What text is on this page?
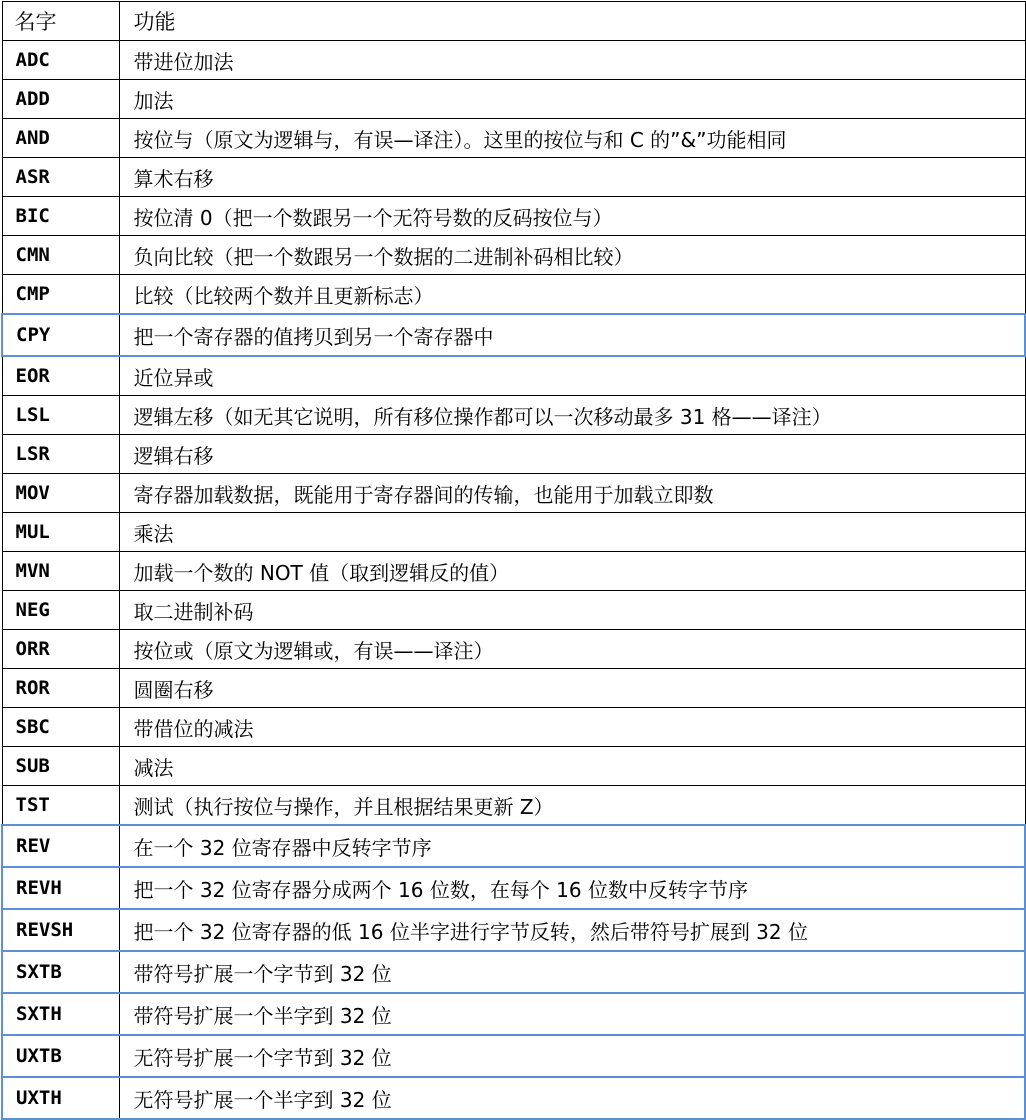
名字	功能
ADC	带进位加法
ADD	加法
AND	按位与（原文为逻辑与，有误—译注）。这里的按位与和 C 的”&”功能相同
ASR	算术右移
BIC	按位清 0（把一个数跟另一个无符号数的反码按位与）
CMN	负向比较（把一个数跟另一个数据的二进制补码相比较）
CMP	比较（比较两个数并且更新标志）
CPY	把一个寄存器的值拷贝到另一个寄存器中
EOR	近位异或
LSL	逻辑左移（如无其它说明，所有移位操作都可以一次移动最多 31 格——译注）
LSR	逻辑右移
MOV	寄存器加载数据，既能用于寄存器间的传输，也能用于加载立即数
MUL	乘法
MVN	加载一个数的 NOT 值（取到逻辑反的值）
NEG	取二进制补码
ORR	按位或（原文为逻辑或，有误——译注）
ROR	圆圈右移
SBC	带借位的减法
SUB	减法
TST	测试（执行按位与操作，并且根据结果更新 Z）
REV	在一个 32 位寄存器中反转字节序
REVH	把一个 32 位寄存器分成两个 16 位数，在每个 16 位数中反转字节序
REVSH	把一个 32 位寄存器的低 16 位半字进行字节反转，然后带符号扩展到 32 位
SXTB	带符号扩展一个字节到 32 位
SXTH	带符号扩展一个半字到 32 位
UXTB	无符号扩展一个字节到 32 位
UXTH	无符号扩展一个半字到 32 位
